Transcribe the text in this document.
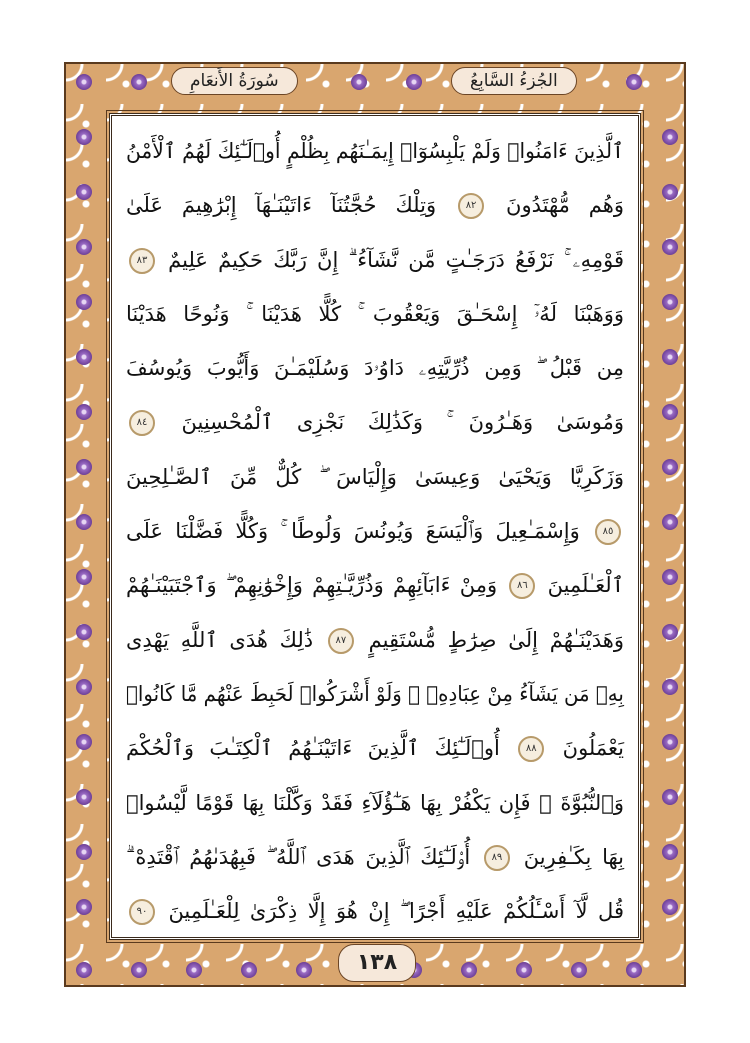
الجُزءُ السَّابِعُ
سُورَةُ الأَنعَامِ
ٱلَّذِينَ ءَامَنُوا۟ وَلَمْ يَلْبِسُوٓا۟ إِيمَـٰنَهُم بِظُلْمٍ أُو۟لَـٰٓئِكَ لَهُمُ ٱلْأَمْنُ
وَهُم مُّهْتَدُونَ ٨٢ وَتِلْكَ حُجَّتُنَآ ءَاتَيْنَـٰهَآ إِبْرَٰهِيمَ عَلَىٰ
قَوْمِهِۦ ۚ نَرْفَعُ دَرَجَـٰتٍ مَّن نَّشَآءُ ۗ إِنَّ رَبَّكَ حَكِيمٌ عَلِيمٌ ٨٣
وَوَهَبْنَا لَهُۥٓ إِسْحَـٰقَ وَيَعْقُوبَ ۚ كُلًّا هَدَيْنَا ۚ وَنُوحًا هَدَيْنَا
مِن قَبْلُ ۖ وَمِن ذُرِّيَّتِهِۦ دَاوُۥدَ وَسُلَيْمَـٰنَ وَأَيُّوبَ وَيُوسُفَ
وَمُوسَىٰ وَهَـٰرُونَ ۚ وَكَذَٰلِكَ نَجْزِى ٱلْمُحْسِنِينَ ٨٤
وَزَكَرِيَّا وَيَحْيَىٰ وَعِيسَىٰ وَإِلْيَاسَ ۖ كُلٌّ مِّنَ ٱلصَّـٰلِحِينَ
٨٥ وَإِسْمَـٰعِيلَ وَٱلْيَسَعَ وَيُونُسَ وَلُوطًا ۚ وَكُلًّا فَضَّلْنَا عَلَى
ٱلْعَـٰلَمِينَ ٨٦ وَمِنْ ءَابَآئِهِمْ وَذُرِّيَّـٰتِهِمْ وَإِخْوَٰنِهِمْ ۖ وَٱجْتَبَيْنَـٰهُمْ
وَهَدَيْنَـٰهُمْ إِلَىٰ صِرَٰطٍ مُّسْتَقِيمٍ ٨٧ ذَٰلِكَ هُدَى ٱللَّهِ يَهْدِى
بِهِۦ مَن يَشَآءُ مِنْ عِبَادِهِۦ ۚ وَلَوْ أَشْرَكُوا۟ لَحَبِطَ عَنْهُم مَّا كَانُوا۟
يَعْمَلُونَ ٨٨ أُو۟لَـٰٓئِكَ ٱلَّذِينَ ءَاتَيْنَـٰهُمُ ٱلْكِتَـٰبَ وَٱلْحُكْمَ
وَٱلنُّبُوَّةَ ۚ فَإِن يَكْفُرْ بِهَا هَـٰٓؤُلَآءِ فَقَدْ وَكَّلْنَا بِهَا قَوْمًا لَّيْسُوا۟
بِهَا بِكَـٰفِرِينَ ٨٩ أُو۟لَـٰٓئِكَ ٱلَّذِينَ هَدَى ٱللَّهُ ۖ فَبِهُدَىٰهُمُ ٱقْتَدِهْ ۗ
قُل لَّآ أَسْـَٔلُكُمْ عَلَيْهِ أَجْرًا ۖ إِنْ هُوَ إِلَّا ذِكْرَىٰ لِلْعَـٰلَمِينَ ٩٠
١٣٨
